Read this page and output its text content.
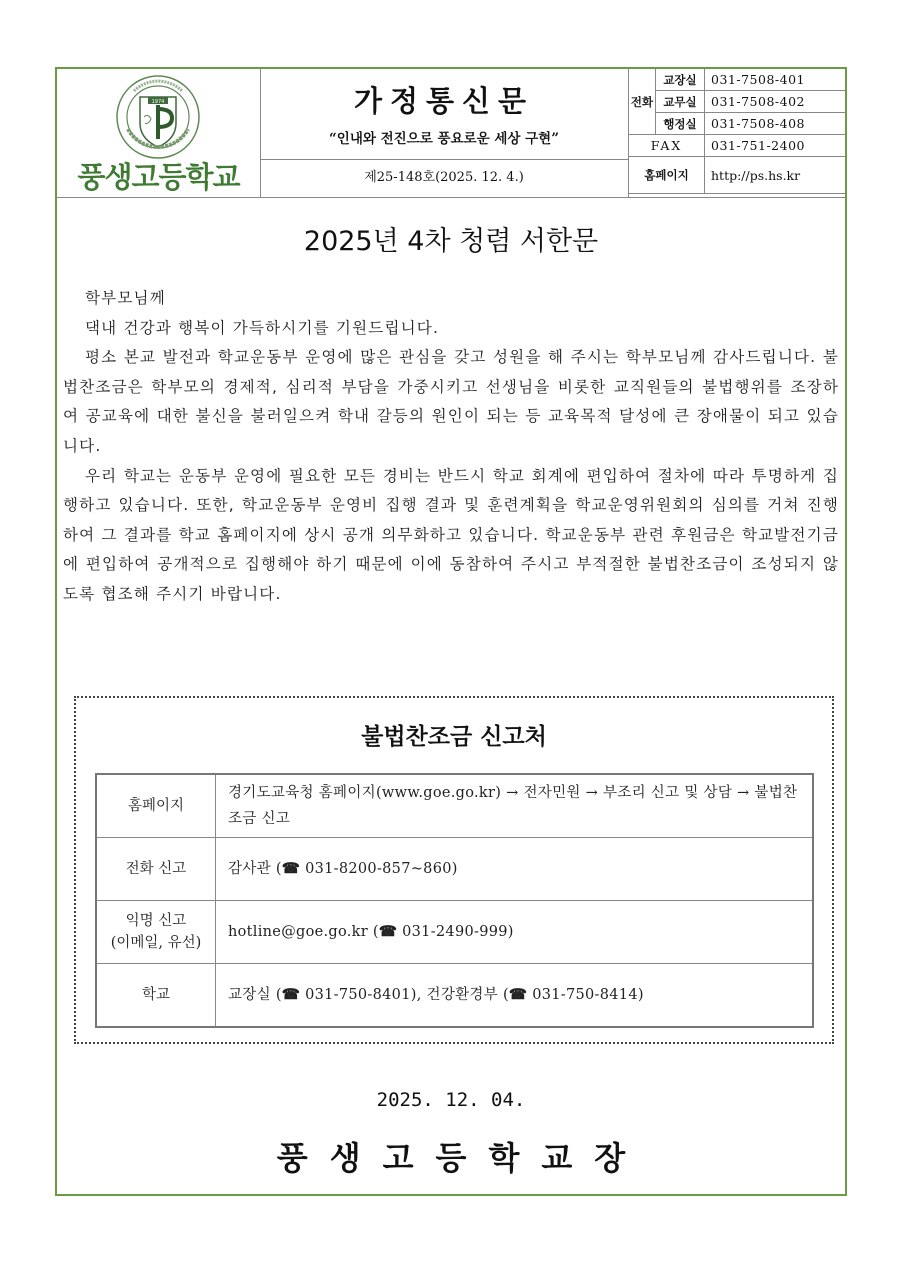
1974
풍생고등학교
가정통신문
“인내와 전진으로 풍요로운 세상 구현”
제25-148호(2025. 12. 4.)
전화	교장실	031-7508-401
	교무실	031-7508-402
	행정실	031-7508-408
FAX		031-751-2400
홈페이지		http://ps.hs.kr
2025년 4차 청렴 서한문

학부모님께

댁내 건강과 행복이 가득하시기를 기원드립니다.

평소 본교 발전과 학교운동부 운영에 많은 관심을 갖고 성원을 해 주시는 학부모님께 감사드립니다. 불법찬조금은 학부모의 경제적, 심리적 부담을 가중시키고 선생님을 비롯한 교직원들의 불법행위를 조장하여 공교육에 대한 불신을 불러일으켜 학내 갈등의 원인이 되는 등 교육목적 달성에 큰 장애물이 되고 있습니다.

우리 학교는 운동부 운영에 필요한 모든 경비는 반드시 학교 회계에 편입하여 절차에 따라 투명하게 집행하고 있습니다. 또한, 학교운동부 운영비 집행 결과 및 훈련계획을 학교운영위원회의 심의를 거쳐 진행하여 그 결과를 학교 홈페이지에 상시 공개 의무화하고 있습니다. 학교운동부 관련 후원금은 학교발전기금에 편입하여 공개적으로 집행해야 하기 때문에 이에 동참하여 주시고 부적절한 불법찬조금이 조성되지 않도록 협조해 주시기 바랍니다.

불법찬조금 신고처
홈페이지	경기도교육청 홈페이지(www.goe.go.kr) → 전자민원 → 부조리 신고 및 상담 → 불법찬조금 신고
전화 신고	감사관 (☎ 031-8200-857~860)
익명 신고
(이메일, 유선)	hotline@goe.go.kr (☎ 031-2490-999)
학교	교장실 (☎ 031-750-8401), 건강환경부 (☎ 031-750-8414)
2025. 12. 04.
풍생고등학교장
